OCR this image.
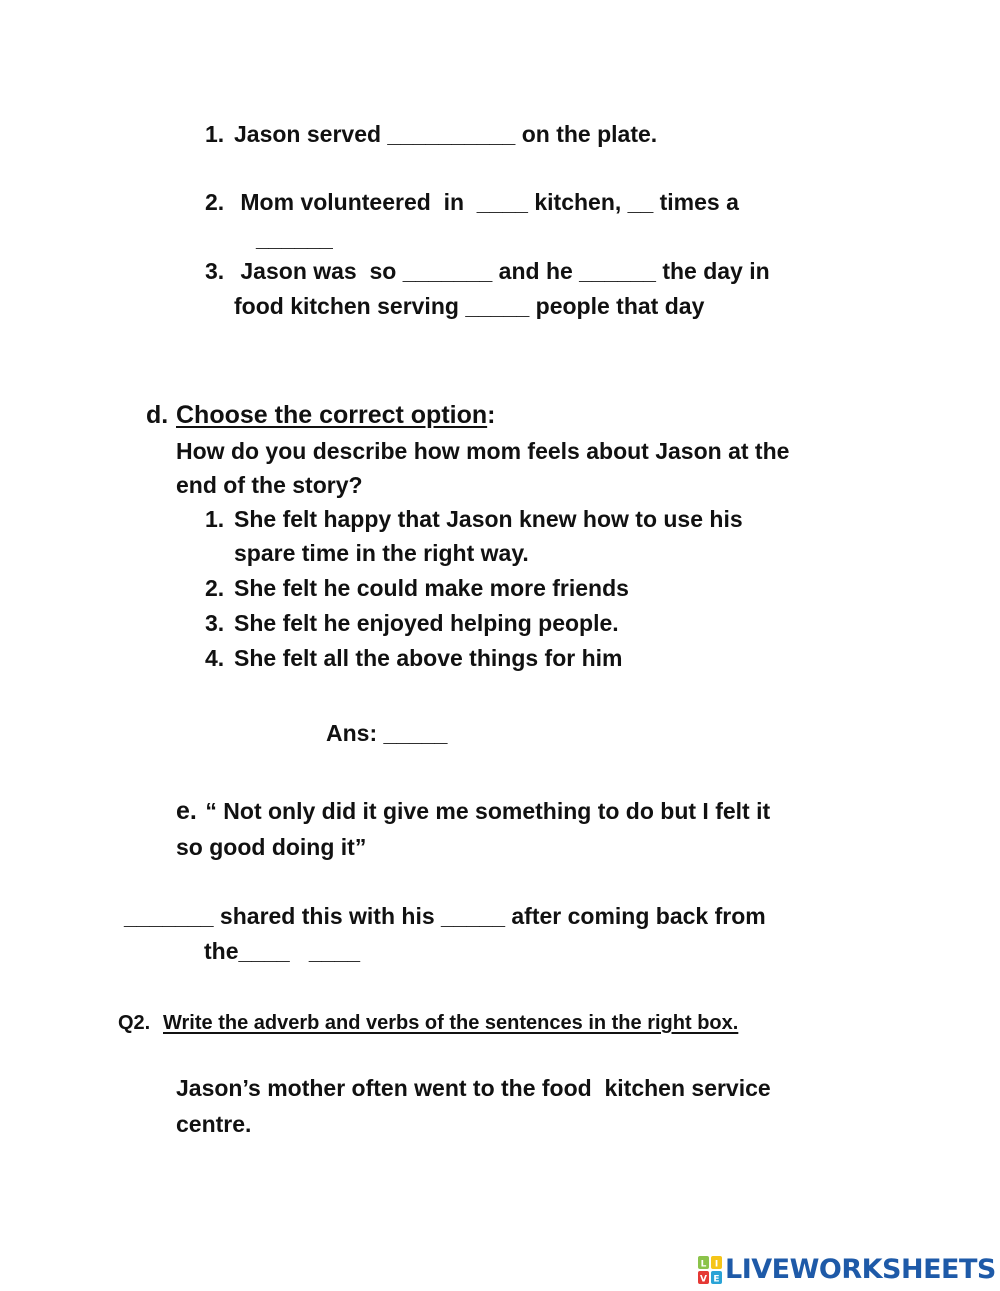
1. Jason served __________ on the plate.
2. Mom volunteered  in  ____ kitchen, __ times a
______
3. Jason was  so _______ and he ______ the day in
food kitchen serving _____ people that day
d. Choose the correct option:
How do you describe how mom feels about Jason at the
end of the story?
1. She felt happy that Jason knew how to use his
spare time in the right way.
2. She felt he could make more friends
3. She felt he enjoyed helping people.
4. She felt all the above things for him
Ans: _____
e. “ Not only did it give me something to do but I felt it
so good doing it”
_______ shared this with his _____ after coming back from
the____   ____
Q2. Write the adverb and verbs of the sentences in the right box.
Jason’s mother often went to the food  kitchen service
centre.
L I
V E LIVEWORKSHEETS
